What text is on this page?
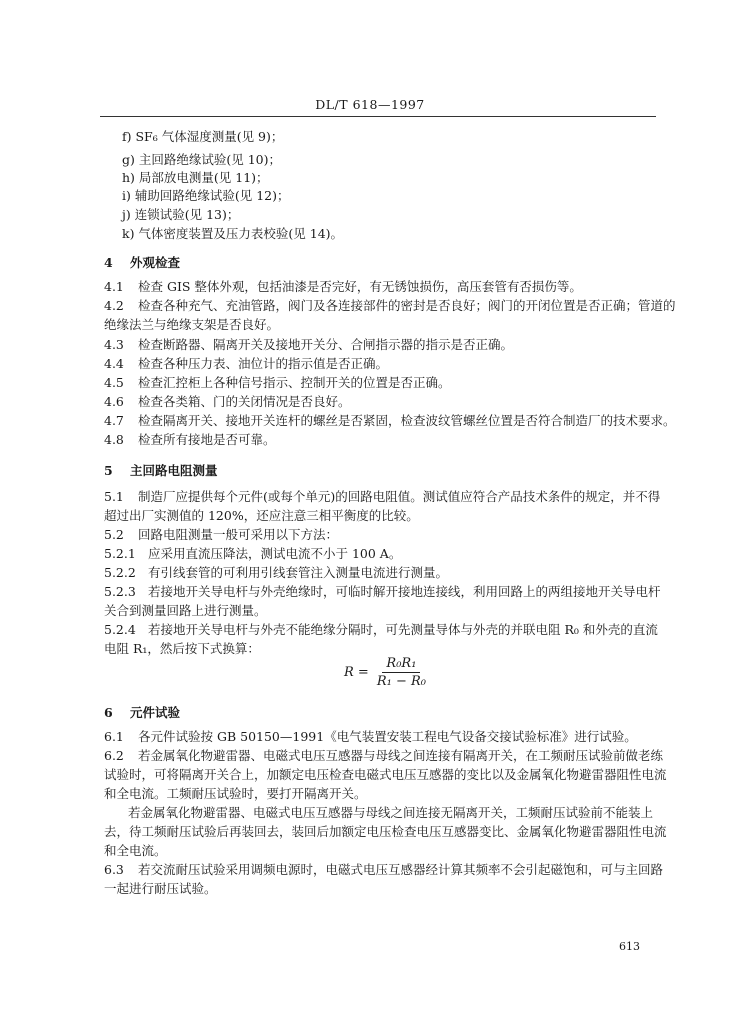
DL/T 618—1997
f) SF₆ 气体湿度测量(见 9)；
g) 主回路绝缘试验(见 10)；
h) 局部放电测量(见 11)；
i) 辅助回路绝缘试验(见 12)；
j) 连锁试验(见 13)；
k) 气体密度装置及压力表校验(见 14)。
4 外观检查
4.1 检查 GIS 整体外观，包括油漆是否完好，有无锈蚀损伤，高压套管有否损伤等。
4.2 检查各种充气、充油管路，阀门及各连接部件的密封是否良好；阀门的开闭位置是否正确；管道的
绝缘法兰与绝缘支架是否良好。
4.3 检查断路器、隔离开关及接地开关分、合闸指示器的指示是否正确。
4.4 检查各种压力表、油位计的指示值是否正确。
4.5 检查汇控柜上各种信号指示、控制开关的位置是否正确。
4.6 检查各类箱、门的关闭情况是否良好。
4.7 检查隔离开关、接地开关连杆的螺丝是否紧固，检查波纹管螺丝位置是否符合制造厂的技术要求。
4.8 检查所有接地是否可靠。
5 主回路电阻测量
5.1 制造厂应提供每个元件(或每个单元)的回路电阻值。测试值应符合产品技术条件的规定，并不得
超过出厂实测值的 120%，还应注意三相平衡度的比较。
5.2 回路电阻测量一般可采用以下方法：
5.2.1 应采用直流压降法，测试电流不小于 100 A。
5.2.2 有引线套管的可利用引线套管注入测量电流进行测量。
5.2.3 若接地开关导电杆与外壳绝缘时，可临时解开接地连接线，利用回路上的两组接地开关导电杆
关合到测量回路上进行测量。
5.2.4 若接地开关导电杆与外壳不能绝缘分隔时，可先测量导体与外壳的并联电阻 R₀ 和外壳的直流
电阻 R₁，然后按下式换算：
$R = \frac{\text{R₀R₁}}{\text{R₁ − R₀}}$
6 元件试验
6.1 各元件试验按 GB 50150—1991《电气装置安装工程电气设备交接试验标准》进行试验。
6.2 若金属氧化物避雷器、电磁式电压互感器与母线之间连接有隔离开关，在工频耐压试验前做老练
试验时，可将隔离开关合上，加额定电压检查电磁式电压互感器的变比以及金属氧化物避雷器阻性电流
和全电流。工频耐压试验时，要打开隔离开关。
若金属氧化物避雷器、电磁式电压互感器与母线之间连接无隔离开关，工频耐压试验前不能装上
去，待工频耐压试验后再装回去，装回后加额定电压检查电压互感器变比、金属氧化物避雷器阻性电流
和全电流。
6.3 若交流耐压试验采用调频电源时，电磁式电压互感器经计算其频率不会引起磁饱和，可与主回路
一起进行耐压试验。
613
